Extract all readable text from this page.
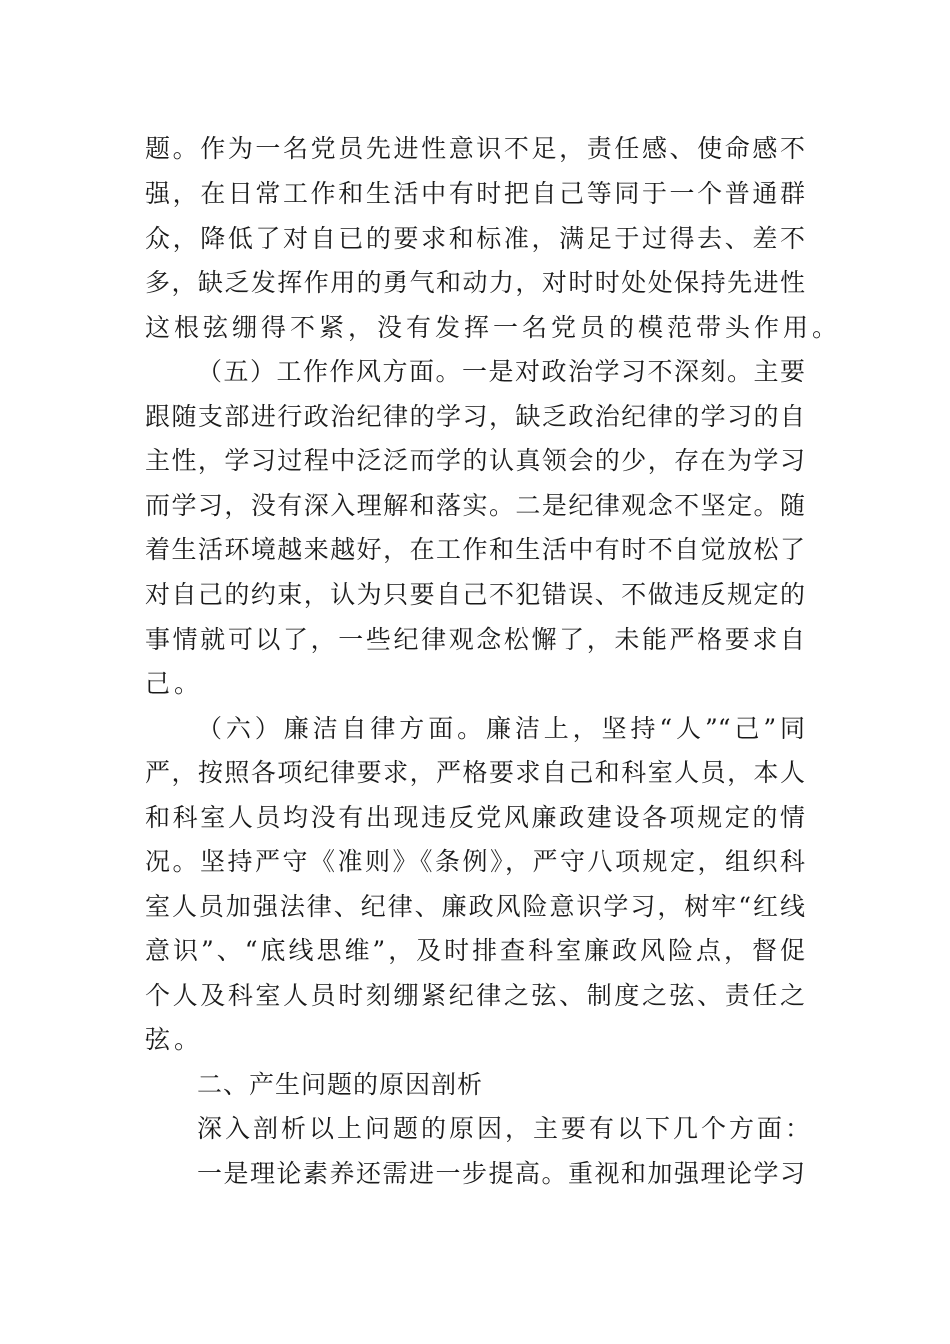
题。作为一名党员先进性意识不足，责任感、使命感不
强，在日常工作和生活中有时把自己等同于一个普通群
众，降低了对自已的要求和标准，满足于过得去、差不
多，缺乏发挥作用的勇气和动力，对时时处处保持先进性
这根弦绷得不紧，没有发挥一名党员的模范带头作用。
（五）工作作风方面。一是对政治学习不深刻。主要
跟随支部进行政治纪律的学习，缺乏政治纪律的学习的自
主性，学习过程中泛泛而学的认真领会的少，存在为学习
而学习，没有深入理解和落实。二是纪律观念不坚定。随
着生活环境越来越好，在工作和生活中有时不自觉放松了
对自己的约束，认为只要自己不犯错误、不做违反规定的
事情就可以了，一些纪律观念松懈了，未能严格要求自
己。
（六）廉洁自律方面。廉洁上，坚持“人”“己”同
严，按照各项纪律要求，严格要求自己和科室人员，本人
和科室人员均没有出现违反党风廉政建设各项规定的情
况。坚持严守《准则》《条例》，严守八项规定，组织科
室人员加强法律、纪律、廉政风险意识学习，树牢“红线
意识”、“底线思维”，及时排查科室廉政风险点，督促
个人及科室人员时刻绷紧纪律之弦、制度之弦、责任之
弦。
二、产生问题的原因剖析
深入剖析以上问题的原因，主要有以下几个方面：
一是理论素养还需进一步提高。重视和加强理论学习
